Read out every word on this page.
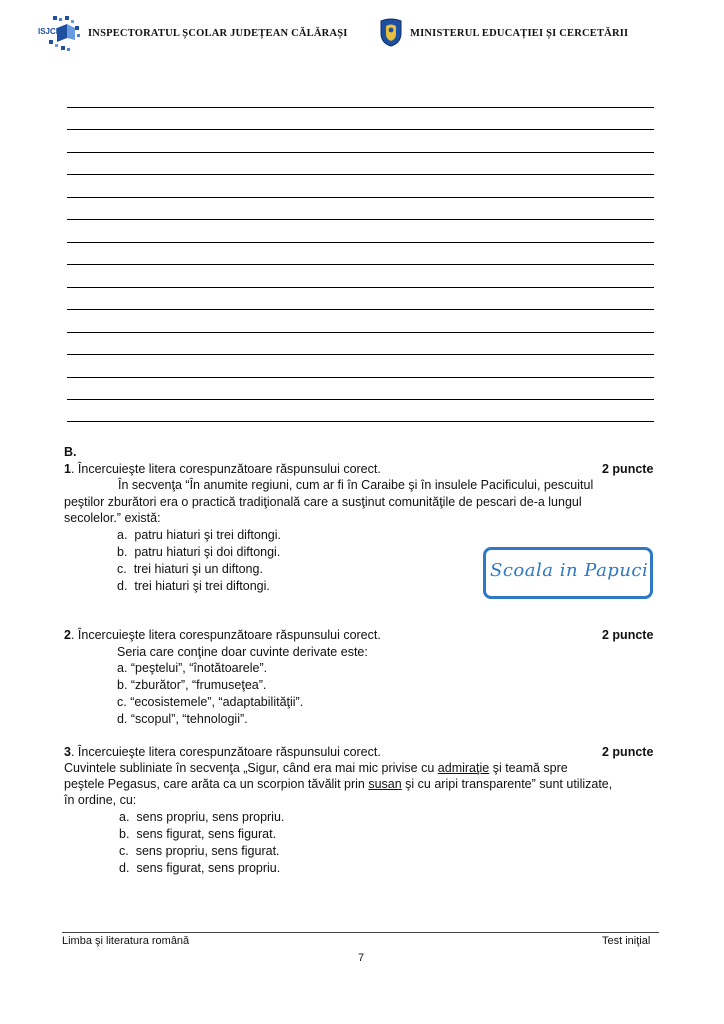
ISJCL	INSPECTORATUL ȘCOLAR JUDEȚEAN CĂLĂRAȘI	MINISTERUL EDUCAȚIEI ȘI CERCETĂRII
B.
1. Încercuieşte litera corespunzătoare răspunsului corect.	2 puncte
În secvenţa “În anumite regiuni, cum ar fi în Caraibe şi în insulele Pacificului, pescuitul
peştilor zburători era o practică tradiţională care a susţinut comunităţile de pescari de-a lungul
secolelor.” există:
a. patru hiaturi şi trei diftongi.
b. patru hiaturi şi doi diftongi.
c. trei hiaturi şi un diftong.
d. trei hiaturi şi trei diftongi.
Scoala in Papuci
2. Încercuieşte litera corespunzătoare răspunsului corect.	2 puncte
Seria care conţine doar cuvinte derivate este:
a. “peştelui”, “înotătoarele”.
b. “zburător”, “frumuseţea”.
c. “ecosistemele”, “adaptabilităţii”.
d. “scopul”, “tehnologii”.
3. Încercuieşte litera corespunzătoare răspunsului corect.	2 puncte
Cuvintele subliniate în secvenţa „Sigur, când era mai mic privise cu admiraţie şi teamă spre
peştele Pegasus, care arăta ca un scorpion tăvălit prin susan şi cu aripi transparente” sunt utilizate,
în ordine, cu:
a. sens propriu, sens propriu.
b. sens figurat, sens figurat.
c. sens propriu, sens figurat.
d. sens figurat, sens propriu.
Limba şi literatura română	Test iniţial
7
